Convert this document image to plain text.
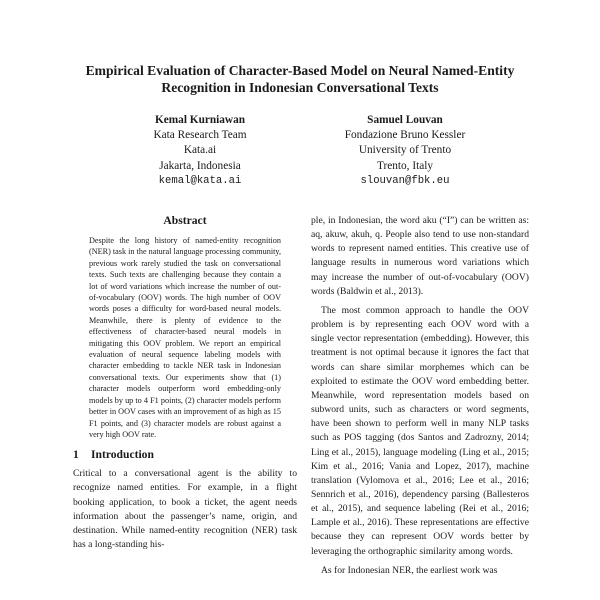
Empirical Evaluation of Character-Based Model on Neural Named-Entity
Recognition in Indonesian Conversational Texts
Kemal Kurniawan
Kata Research Team
Kata.ai
Jakarta, Indonesia
kemal@kata.ai
Samuel Louvan
Fondazione Bruno Kessler
University of Trento
Trento, Italy
slouvan@fbk.eu
Abstract

Despite the long history of named-entity recognition (NER) task in the natural language processing community, previous work rarely studied the task on conversational texts. Such texts are challenging because they contain a lot of word variations which increase the number of out-of-vocabulary (OOV) words. The high number of OOV words poses a difficulty for word-based neural models. Meanwhile, there is plenty of evidence to the effectiveness of character-based neural models in mitigating this OOV problem. We report an empirical evaluation of neural sequence labeling models with character embedding to tackle NER task in Indonesian conversational texts. Our experiments show that (1) character models outperform word embedding-only models by up to 4 F1 points, (2) character models perform better in OOV cases with an improvement of as high as 15 F1 points, and (3) character models are robust against a very high OOV rate.

1 Introduction

Critical to a conversational agent is the ability to recognize named entities. For example, in a flight booking application, to book a ticket, the agent needs information about the passenger’s name, origin, and destination. While named-entity recognition (NER) task has a long-standing his-

ple, in Indonesian, the word aku (“I”) can be written as: aq, akuw, akuh, q. People also tend to use non-standard words to represent named entities. This creative use of language results in numerous word variations which may increase the number of out-of-vocabulary (OOV) words (Baldwin et al., 2013).

The most common approach to handle the OOV problem is by representing each OOV word with a single vector representation (embedding). However, this treatment is not optimal because it ignores the fact that words can share similar morphemes which can be exploited to estimate the OOV word embedding better. Meanwhile, word representation models based on subword units, such as characters or word segments, have been shown to perform well in many NLP tasks such as POS tagging (dos Santos and Zadrozny, 2014; Ling et al., 2015), language modeling (Ling et al., 2015; Kim et al., 2016; Vania and Lopez, 2017), machine translation (Vylomova et al., 2016; Lee et al., 2016; Sennrich et al., 2016), dependency parsing (Ballesteros et al., 2015), and sequence labeling (Rei et al., 2016; Lample et al., 2016). These representations are effective because they can represent OOV words better by leveraging the orthographic similarity among words.

As for Indonesian NER, the earliest work was
